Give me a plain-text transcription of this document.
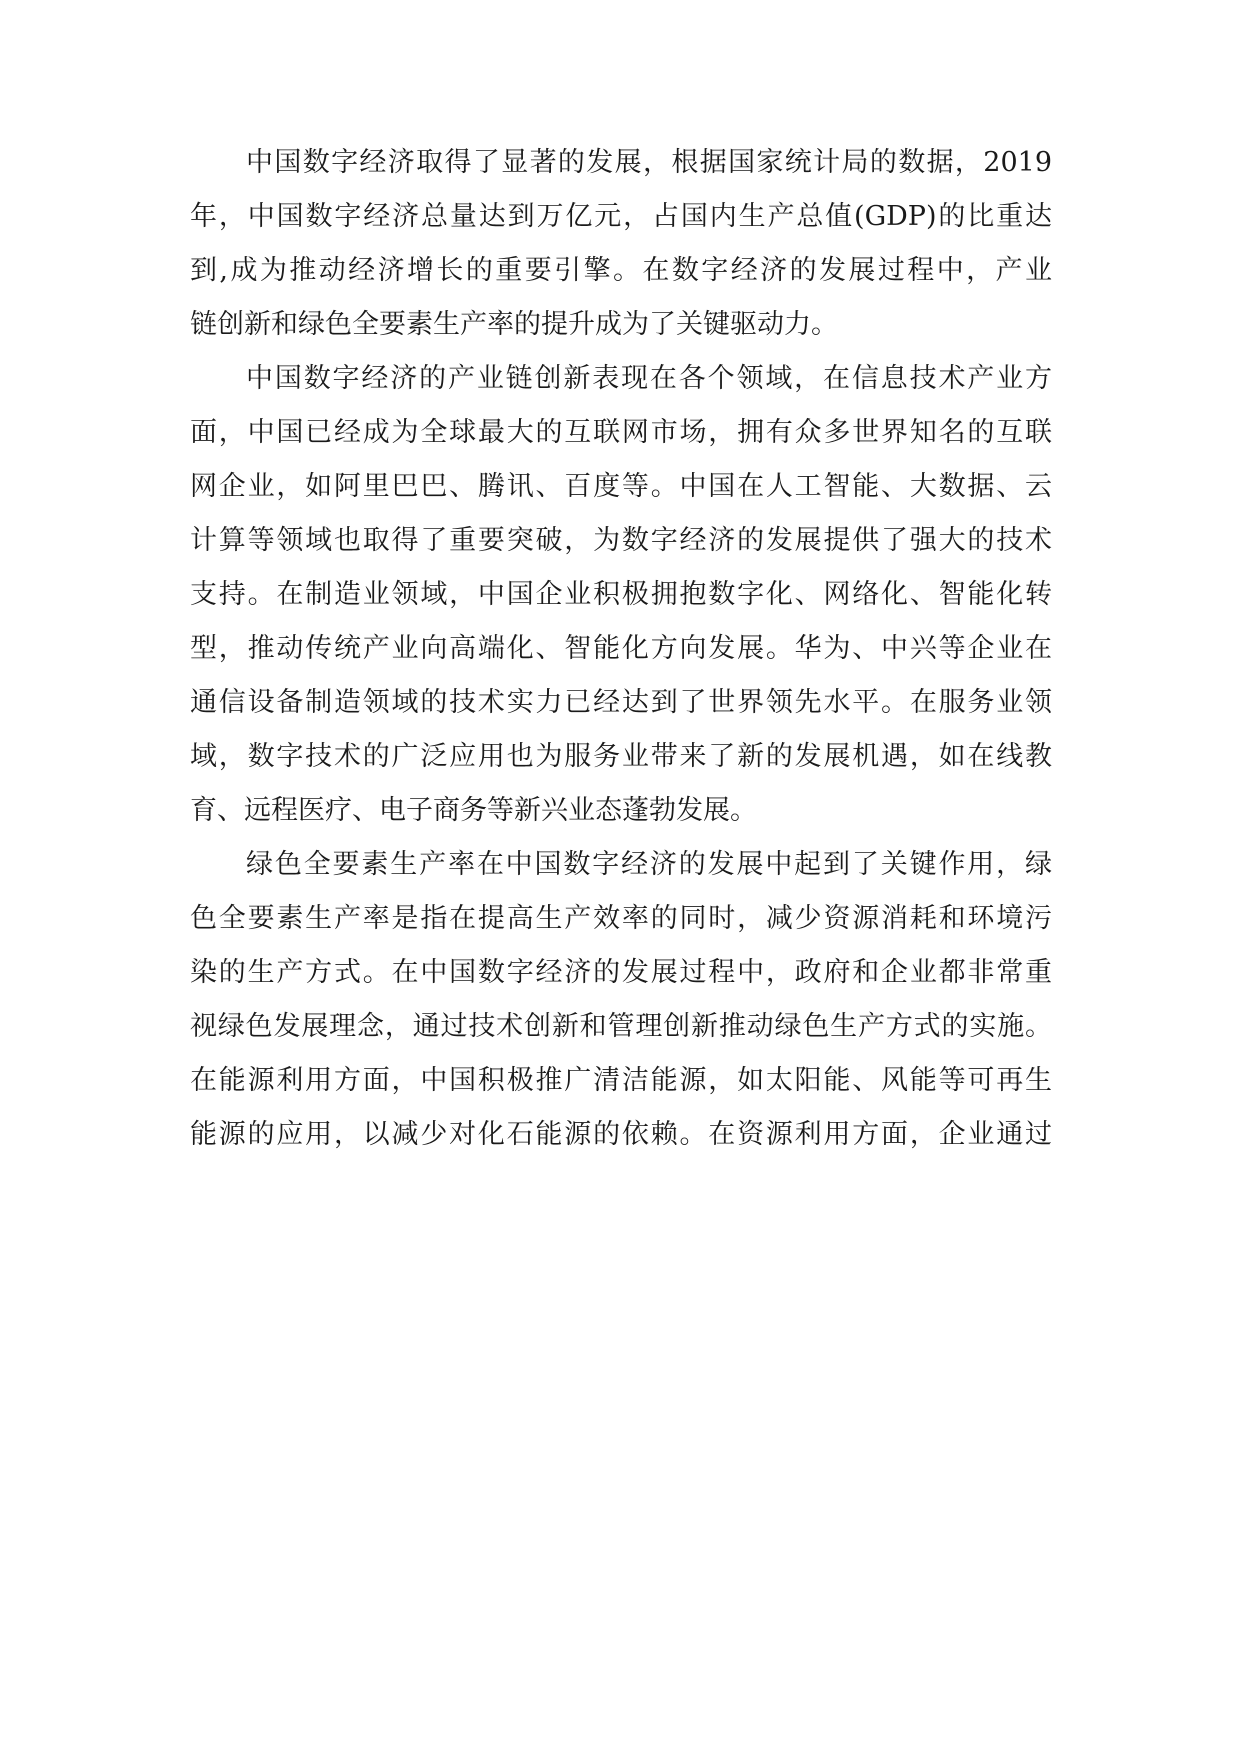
中国数字经济取得了显著的发展，根据国家统计局的数据，2019
年，中国数字经济总量达到万亿元，占国内生产总值(GDP)的比重达
到,成为推动经济增长的重要引擎。在数字经济的发展过程中，产业
链创新和绿色全要素生产率的提升成为了关键驱动力。
中国数字经济的产业链创新表现在各个领域，在信息技术产业方
面，中国已经成为全球最大的互联网市场，拥有众多世界知名的互联
网企业，如阿里巴巴、腾讯、百度等。中国在人工智能、大数据、云
计算等领域也取得了重要突破，为数字经济的发展提供了强大的技术
支持。在制造业领域，中国企业积极拥抱数字化、网络化、智能化转
型，推动传统产业向高端化、智能化方向发展。华为、中兴等企业在
通信设备制造领域的技术实力已经达到了世界领先水平。在服务业领
域，数字技术的广泛应用也为服务业带来了新的发展机遇，如在线教
育、远程医疗、电子商务等新兴业态蓬勃发展。
绿色全要素生产率在中国数字经济的发展中起到了关键作用，绿
色全要素生产率是指在提高生产效率的同时，减少资源消耗和环境污
染的生产方式。在中国数字经济的发展过程中，政府和企业都非常重
视绿色发展理念，通过技术创新和管理创新推动绿色生产方式的实施。
在能源利用方面，中国积极推广清洁能源，如太阳能、风能等可再生
能源的应用，以减少对化石能源的依赖。在资源利用方面，企业通过
